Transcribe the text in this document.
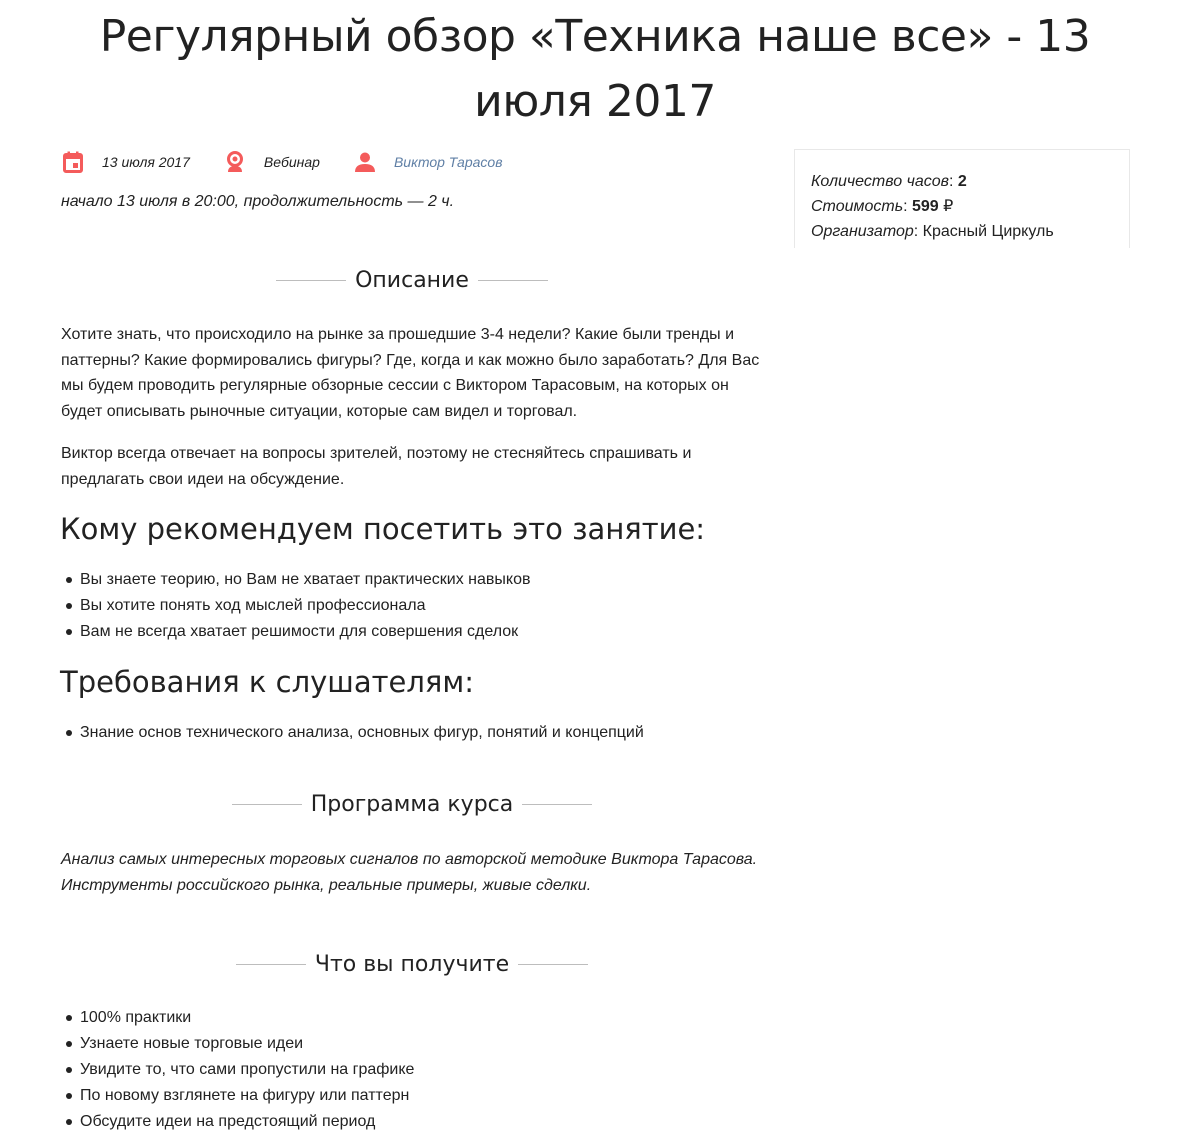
Регулярный обзор «Техника наше все» - 13
июля 2017
13 июля 2017	Вебинар	Виктор Тарасов
начало 13 июля в 20:00, продолжительность — 2 ч.
Количество часов: 2
Стоимость: 599 ₽
Организатор: Красный Циркуль
Описание

Хотите знать, что происходило на рынке за прошедшие 3-4 недели? Какие были тренды и паттерны? Какие формировались фигуры? Где, когда и как можно было заработать? Для Вас мы будем проводить регулярные обзорные сессии с Виктором Тарасовым, на которых он будет описывать рыночные ситуации, которые сам видел и торговал.

Виктор всегда отвечает на вопросы зрителей, поэтому не стесняйтесь спрашивать и предлагать свои идеи на обсуждение.

Кому рекомендуем посетить это занятие:
Вы знаете теорию, но Вам не хватает практических навыков
Вы хотите понять ход мыслей профессионала
Вам не всегда хватает решимости для совершения сделок
Требования к слушателям:
Знание основ технического анализа, основных фигур, понятий и концепций
Программа курса

Анализ самых интересных торговых сигналов по авторской методике Виктора Тарасова.
Инструменты российского рынка, реальные примеры, живые сделки.

Что вы получите
100% практики
Узнаете новые торговые идеи
Увидите то, что сами пропустили на графике
По новому взглянете на фигуру или паттерн
Обсудите идеи на предстоящий период
